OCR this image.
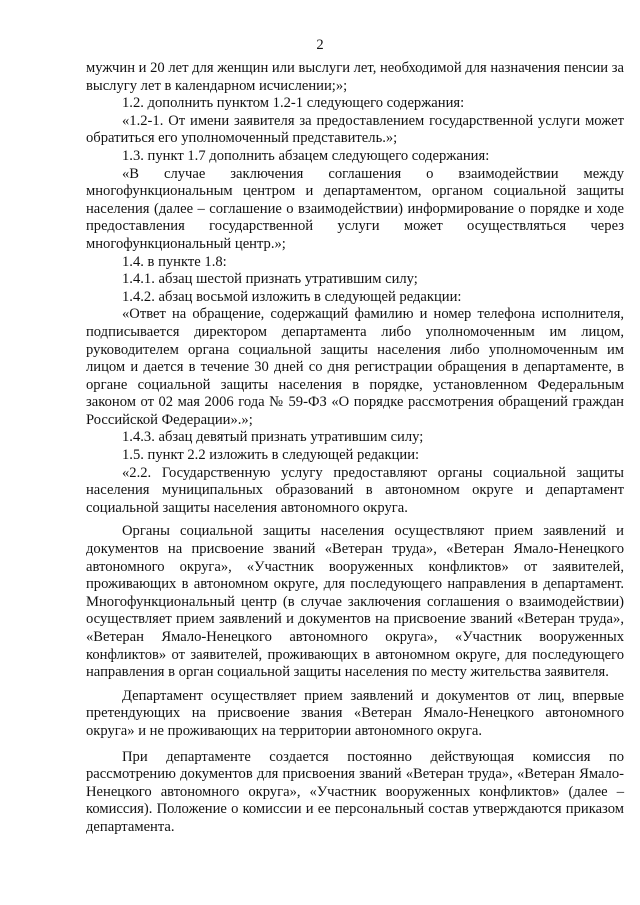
2

мужчин и 20 лет для женщин или выслуги лет, необходимой для назначения пенсии за выслугу лет в календарном исчислении;»;

1.2. дополнить пунктом 1.2-1 следующего содержания:

«1.2-1. От имени заявителя за предоставлением государственной услуги может обратиться его уполномоченный представитель.»;

1.3. пункт 1.7 дополнить абзацем следующего содержания:

«В случае заключения соглашения о взаимодействии между многофункциональным центром и департаментом, органом социальной защиты населения (далее – соглашение о взаимодействии) информирование о порядке и ходе предоставления государственной услуги может осуществляться через многофункциональный центр.»;

1.4. в пункте 1.8:

1.4.1. абзац шестой признать утратившим силу;

1.4.2. абзац восьмой изложить в следующей редакции:

«Ответ на обращение, содержащий фамилию и номер телефона исполнителя, подписывается директором департамента либо уполномоченным им лицом, руководителем органа социальной защиты населения либо уполномоченным им лицом и дается в течение 30 дней со дня регистрации обращения в департаменте, в органе социальной защиты населения в порядке, установленном Федеральным законом от 02 мая 2006 года № 59-ФЗ «О порядке рассмотрения обращений граждан Российской Федерации».»;

1.4.3. абзац девятый признать утратившим силу;

1.5. пункт 2.2 изложить в следующей редакции:

«2.2. Государственную услугу предоставляют органы социальной защиты населения муниципальных образований в автономном округе и департамент социальной защиты населения автономного округа.

Органы социальной защиты населения осуществляют прием заявлений и документов на присвоение званий «Ветеран труда», «Ветеран Ямало-Ненецкого автономного округа», «Участник вооруженных конфликтов» от заявителей, проживающих в автономном округе, для последующего направления в департамент. Многофункциональный центр (в случае заключения соглашения о взаимодействии) осуществляет прием заявлений и документов на присвоение званий «Ветеран труда», «Ветеран Ямало-Ненецкого автономного округа», «Участник вооруженных конфликтов» от заявителей, проживающих в автономном округе, для последующего направления в орган социальной защиты населения по месту жительства заявителя.

Департамент осуществляет прием заявлений и документов от лиц, впервые претендующих на присвоение звания «Ветеран Ямало-Ненецкого автономного округа» и не проживающих на территории автономного округа.

При департаменте создается постоянно действующая комиссия по рассмотрению документов для присвоения званий «Ветеран труда», «Ветеран Ямало-Ненецкого автономного округа», «Участник вооруженных конфликтов» (далее – комиссия). Положение о комиссии и ее персональный состав утверждаются приказом департамента.
